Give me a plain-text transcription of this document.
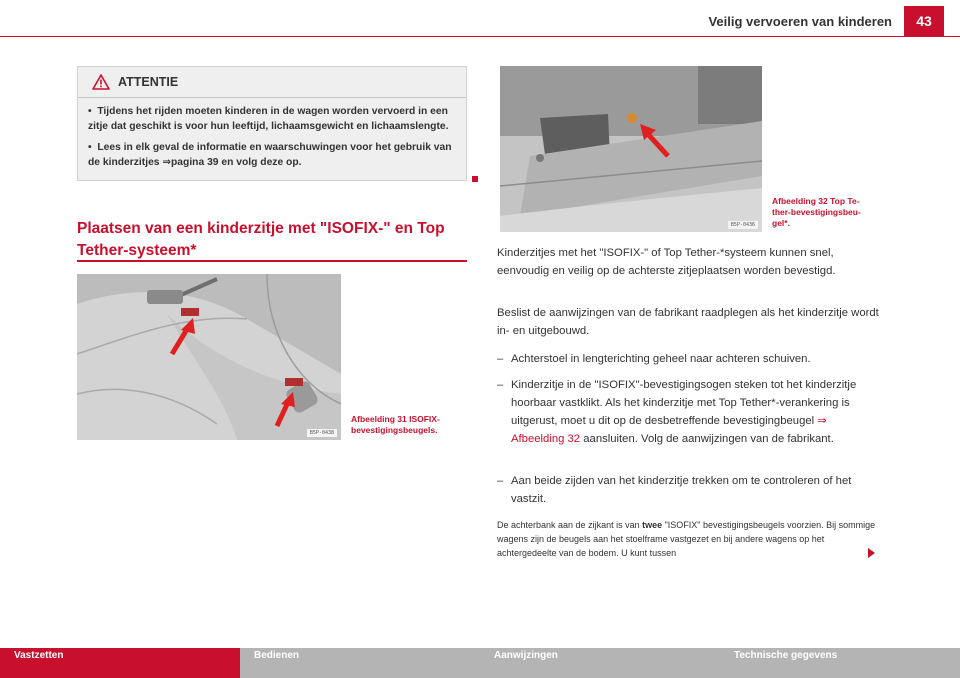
Veilig vervoeren van kinderen	43
ATTENTIE

•  Tijdens het rijden moeten kinderen in de wagen worden vervoerd in een zitje dat geschikt is voor hun leeftijd, lichaamsgewicht en lichaamslengte.

•  Lees in elk geval de informatie en waarschuwingen voor het gebruik van de kinderzitjes ⇒pagina 39 en volg deze op.

Plaatsen van een kinderzitje met "ISOFIX-" en Top Tether-systeem*
B5P-0438
Afbeelding 31 ISOFIX-
bevestigingsbeugels.
B5P-0436
Afbeelding 32 Top Te-
ther-bevestigingsbeu-
gel*.

Kinderzitjes met het "ISOFIX-" of Top Tether-*systeem kunnen snel, eenvoudig en veilig op de achterste zitjeplaatsen worden bevestigd.

Beslist de aanwijzingen van de fabrikant raadplegen als het kinderzitje wordt in- en uitgebouwd.

– Achterstoel in lengterichting geheel naar achteren schuiven.
– Kinderzitje in de "ISOFIX"-bevestigingsogen steken tot het kinderzitje hoorbaar vastklikt. Als het kinderzitje met Top Tether*-verankering is uitgerust, moet u dit op de desbetreffende bevestigingbeugel ⇒ Afbeelding 32 aansluiten. Volg de aanwijzingen van de fabrikant.
– Aan beide zijden van het kinderzitje trekken om te controleren of het vastzit.
De achterbank aan de zijkant is van twee "ISOFIX" bevestigingsbeugels voorzien. Bij sommige wagens zijn de beugels aan het stoelframe vastgezet en bij andere wagens op het achtergedeelte van de bodem. U kunt tussen
Vastzetten	Bedienen	Aanwijzingen	Technische gegevens
